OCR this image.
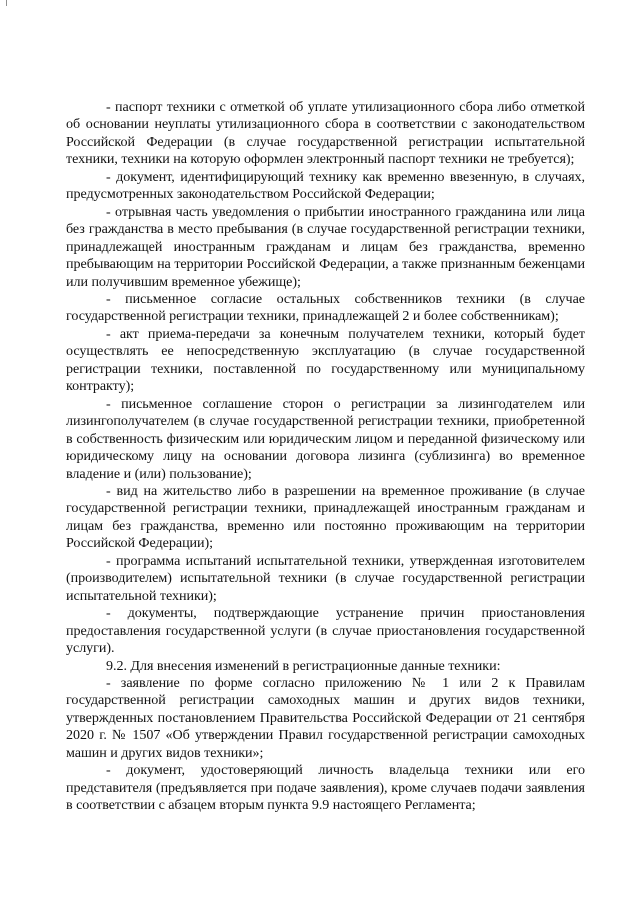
- паспорт техники с отметкой об уплате утилизационного сбора либо отметкой об основании неуплаты утилизационного сбора в соответствии с законодательством Российской Федерации (в случае государственной регистрации испытательной техники, техники на которую оформлен электронный паспорт техники не требуется);

- документ, идентифицирующий технику как временно ввезенную, в случаях, предусмотренных законодательством Российской Федерации;

- отрывная часть уведомления о прибытии иностранного гражданина или лица без гражданства в место пребывания (в случае государственной регистрации техники, принадлежащей иностранным гражданам и лицам без гражданства, временно пребывающим на территории Российской Федерации, а также признанным беженцами или получившим временное убежище);

- письменное согласие остальных собственников техники (в случае государственной регистрации техники, принадлежащей 2 и более собственникам);

- акт приема-передачи за конечным получателем техники, который будет осуществлять ее непосредственную эксплуатацию (в случае государственной регистрации техники, поставленной по государственному или муниципальному контракту);

- письменное соглашение сторон о регистрации за лизингодателем или лизингополучателем (в случае государственной регистрации техники, приобретенной в собственность физическим или юридическим лицом и переданной физическому или юридическому лицу на основании договора лизинга (сублизинга) во временное владение и (или) пользование);

- вид на жительство либо в разрешении на временное проживание (в случае государственной регистрации техники, принадлежащей иностранным гражданам и лицам без гражданства, временно или постоянно проживающим на территории Российской Федерации);

- программа испытаний испытательной техники, утвержденная изготовителем (производителем) испытательной техники (в случае государственной регистрации испытательной техники);

- документы, подтверждающие устранение причин приостановления предоставления государственной услуги (в случае приостановления государственной услуги).

9.2. Для внесения изменений в регистрационные данные техники:

- заявление по форме согласно приложению № 1 или 2 к Правилам государственной регистрации самоходных машин и других видов техники, утвержденных постановлением Правительства Российской Федерации от 21 сентября 2020 г. № 1507 «Об утверждении Правил государственной регистрации самоходных машин и других видов техники»;

- документ, удостоверяющий личность владельца техники или его представителя (предъявляется при подаче заявления), кроме случаев подачи заявления в соответствии с абзацем вторым пункта 9.9 настоящего Регламента;
